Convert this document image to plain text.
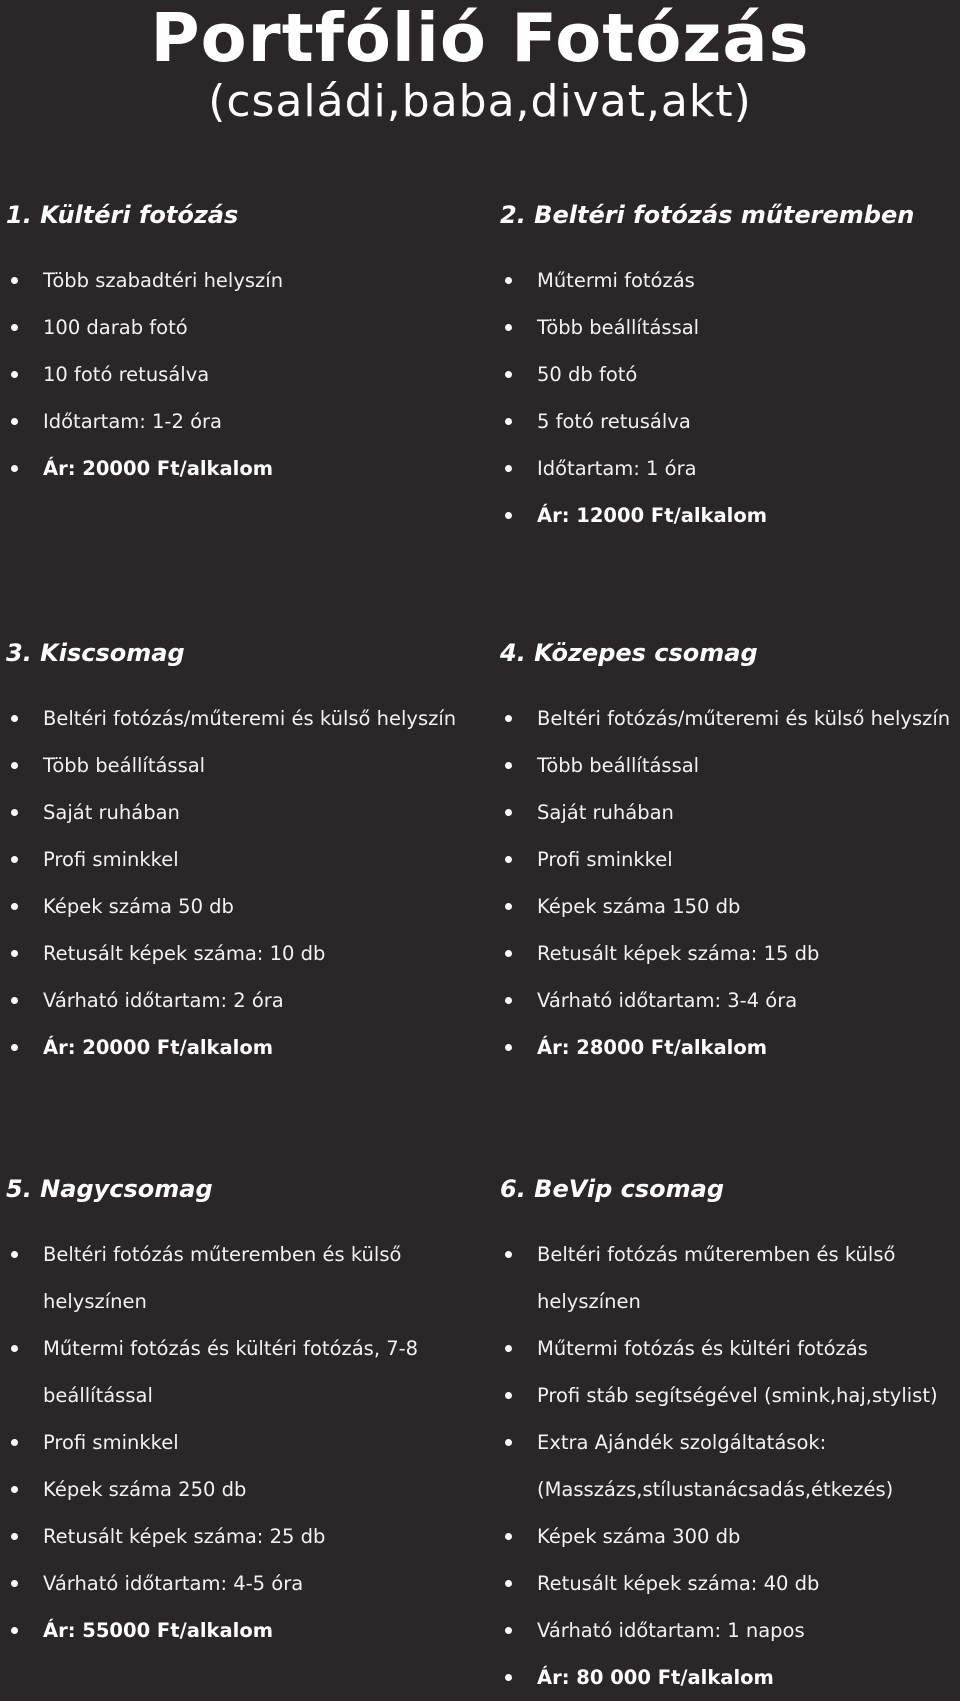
Portfólió Fotózás
(családi,baba,divat,akt)
1. Kültéri fotózás
Több szabadtéri helyszín
100 darab fotó
10 fotó retusálva
Időtartam: 1-2 óra
Ár: 20000 Ft/alkalom
2. Beltéri fotózás műteremben
Műtermi fotózás
Több beállítással
50 db fotó
5 fotó retusálva
Időtartam: 1 óra
Ár: 12000 Ft/alkalom
3. Kiscsomag
Beltéri fotózás/műteremi és külső helyszín
Több beállítással
Saját ruhában
Profi sminkkel
Képek száma 50 db
Retusált képek száma: 10 db
Várható időtartam: 2 óra
Ár: 20000 Ft/alkalom
4. Közepes csomag
Beltéri fotózás/műteremi és külső helyszín
Több beállítással
Saját ruhában
Profi sminkkel
Képek száma 150 db
Retusált képek száma: 15 db
Várható időtartam: 3-4 óra
Ár: 28000 Ft/alkalom
5. Nagycsomag
Beltéri fotózás műteremben és külső helyszínen
Műtermi fotózás és kültéri fotózás, 7-8 beállítással
Profi sminkkel
Képek száma 250 db
Retusált képek száma: 25 db
Várható időtartam: 4-5 óra
Ár: 55000 Ft/alkalom
6. BeVip csomag
Beltéri fotózás műteremben és külső helyszínen
Műtermi fotózás és kültéri fotózás
Profi stáb segítségével (smink,haj,stylist)
Extra Ajándék szolgáltatások: (Masszázs,stílustanácsadás,étkezés)
Képek száma 300 db
Retusált képek száma: 40 db
Várható időtartam: 1 napos
Ár: 80 000 Ft/alkalom
